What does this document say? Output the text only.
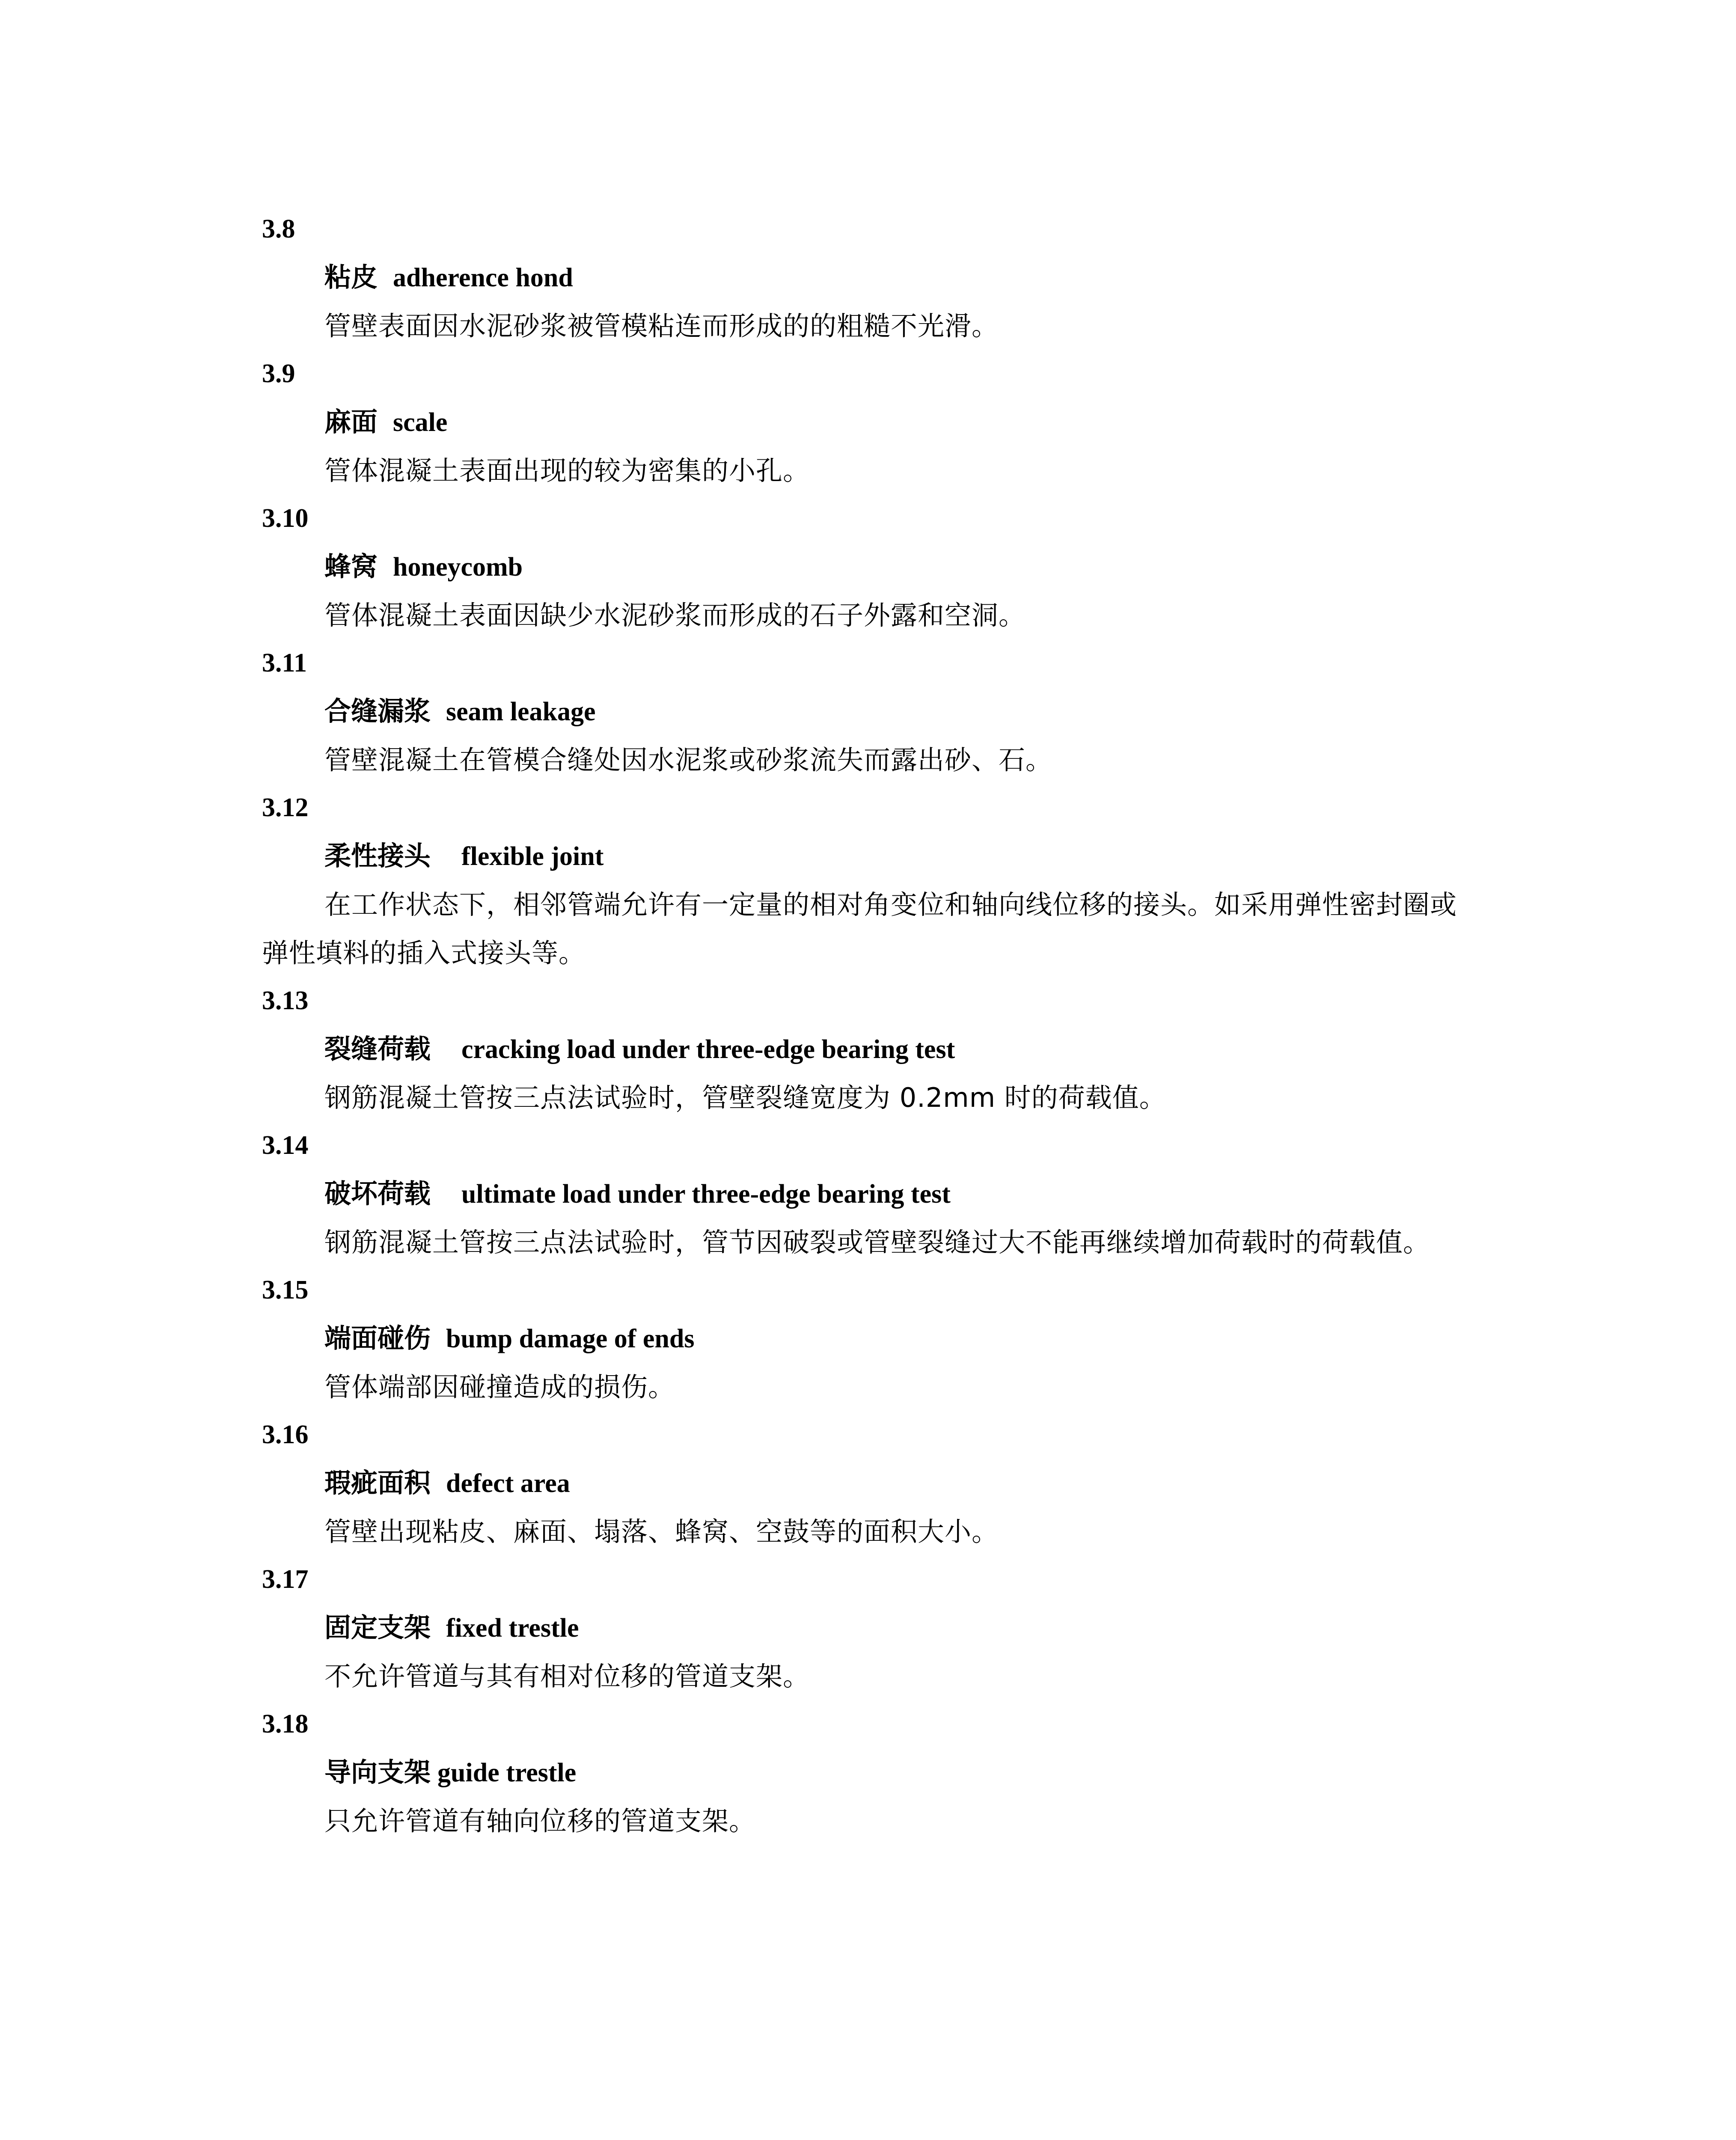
3.8
粘皮 adherence hond

管壁表面因水泥砂浆被管模粘连而形成的的粗糙不光滑。

3.9
麻面 scale

管体混凝土表面出现的较为密集的小孔。

3.10
蜂窝 honeycomb

管体混凝土表面因缺少水泥砂浆而形成的石子外露和空洞。

3.11
合缝漏浆 seam leakage

管壁混凝土在管模合缝处因水泥浆或砂浆流失而露出砂、石。

3.12
柔性接头 flexible joint

在工作状态下，相邻管端允许有一定量的相对角变位和轴向线位移的接头。如采用弹性密封圈或弹性填料的插入式接头等。

3.13
裂缝荷载 cracking load under three-edge bearing test

钢筋混凝土管按三点法试验时，管壁裂缝宽度为 0.2mm 时的荷载值。

3.14
破坏荷载 ultimate load under three-edge bearing test

钢筋混凝土管按三点法试验时，管节因破裂或管壁裂缝过大不能再继续增加荷载时的荷载值。

3.15
端面碰伤 bump damage of ends

管体端部因碰撞造成的损伤。

3.16
瑕疵面积 defect area

管壁出现粘皮、麻面、塌落、蜂窝、空鼓等的面积大小。

3.17
固定支架 fixed trestle

不允许管道与其有相对位移的管道支架。

3.18
导向支架 guide trestle

只允许管道有轴向位移的管道支架。
